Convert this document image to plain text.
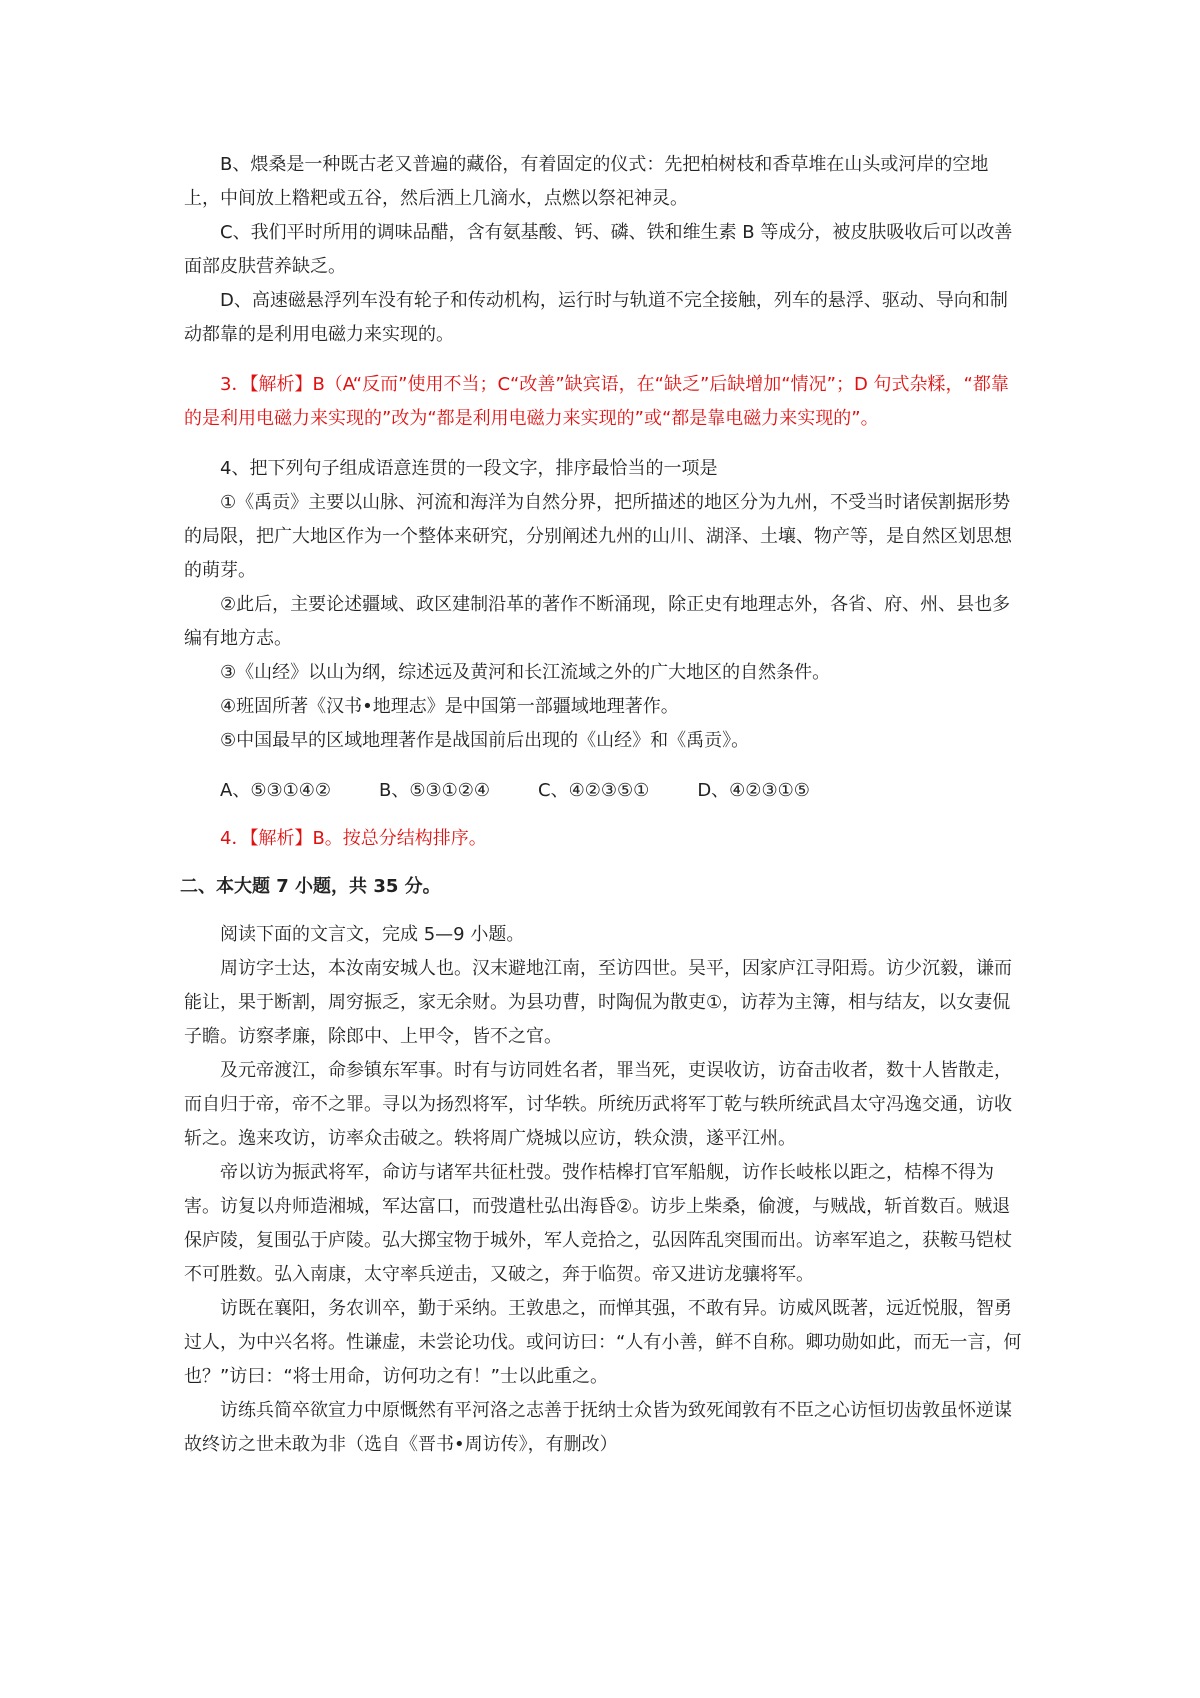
B、煨桑是一种既古老又普遍的藏俗，有着固定的仪式：先把柏树枝和香草堆在山头或河岸的空地上，中间放上糌粑或五谷，然后洒上几滴水，点燃以祭祀神灵。

C、我们平时所用的调味品醋，含有氨基酸、钙、磷、铁和维生素 B 等成分，被皮肤吸收后可以改善面部皮肤营养缺乏。

D、高速磁悬浮列车没有轮子和传动机构，运行时与轨道不完全接触，列车的悬浮、驱动、导向和制动都靠的是利用电磁力来实现的。

3．【解析】B（A“反而”使用不当；C“改善”缺宾语，在“缺乏”后缺增加“情况”；D 句式杂糅，“都靠的是利用电磁力来实现的”改为“都是利用电磁力来实现的”或“都是靠电磁力来实现的”。

4、把下列句子组成语意连贯的一段文字，排序最恰当的一项是

①《禹贡》主要以山脉、河流和海洋为自然分界，把所描述的地区分为九州，不受当时诸侯割据形势的局限，把广大地区作为一个整体来研究，分别阐述九州的山川、湖泽、土壤、物产等，是自然区划思想的萌芽。

②此后，主要论述疆域、政区建制沿革的著作不断涌现，除正史有地理志外，各省、府、州、县也多编有地方志。

③《山经》以山为纲，综述远及黄河和长江流域之外的广大地区的自然条件。

④班固所著《汉书•地理志》是中国第一部疆域地理著作。

⑤中国最早的区域地理著作是战国前后出现的《山经》和《禹贡》。

A、⑤③①④②	B、⑤③①②④	C、④②③⑤①	D、④②③①⑤

4．【解析】B。按总分结构排序。

二、本大题 7 小题，共 35 分。

阅读下面的文言文，完成 5—9 小题。

周访字士达，本汝南安城人也。汉末避地江南，至访四世。吴平，因家庐江寻阳焉。访少沉毅，谦而能让，果于断割，周穷振乏，家无余财。为县功曹，时陶侃为散吏①，访荐为主簿，相与结友，以女妻侃子瞻。访察孝廉，除郎中、上甲令，皆不之官。

及元帝渡江，命参镇东军事。时有与访同姓名者，罪当死，吏误收访，访奋击收者，数十人皆散走，而自归于帝，帝不之罪。寻以为扬烈将军，讨华轶。所统历武将军丁乾与轶所统武昌太守冯逸交通，访收斩之。逸来攻访，访率众击破之。轶将周广烧城以应访，轶众溃，遂平江州。

帝以访为振武将军，命访与诸军共征杜弢。弢作桔槔打官军船舰，访作长岐枨以距之，桔槔不得为害。访复以舟师造湘城，军达富口，而弢遣杜弘出海昏②。访步上柴桑，偷渡，与贼战，斩首数百。贼退保庐陵，复围弘于庐陵。弘大掷宝物于城外，军人竞拾之，弘因阵乱突围而出。访率军追之，获鞍马铠杖不可胜数。弘入南康，太守率兵逆击，又破之，奔于临贺。帝又进访龙骧将军。

访既在襄阳，务农训卒，勤于采纳。王敦患之，而惮其强，不敢有异。访威风既著，远近悦服，智勇过人，为中兴名将。性谦虚，未尝论功伐。或问访曰：“人有小善，鲜不自称。卿功勋如此，而无一言，何也？”访曰：“将士用命，访何功之有！”士以此重之。

访练兵简卒欲宣力中原慨然有平河洛之志善于抚纳士众皆为致死闻敦有不臣之心访恒切齿敦虽怀逆谋故终访之世未敢为非（选自《晋书•周访传》，有删改）
